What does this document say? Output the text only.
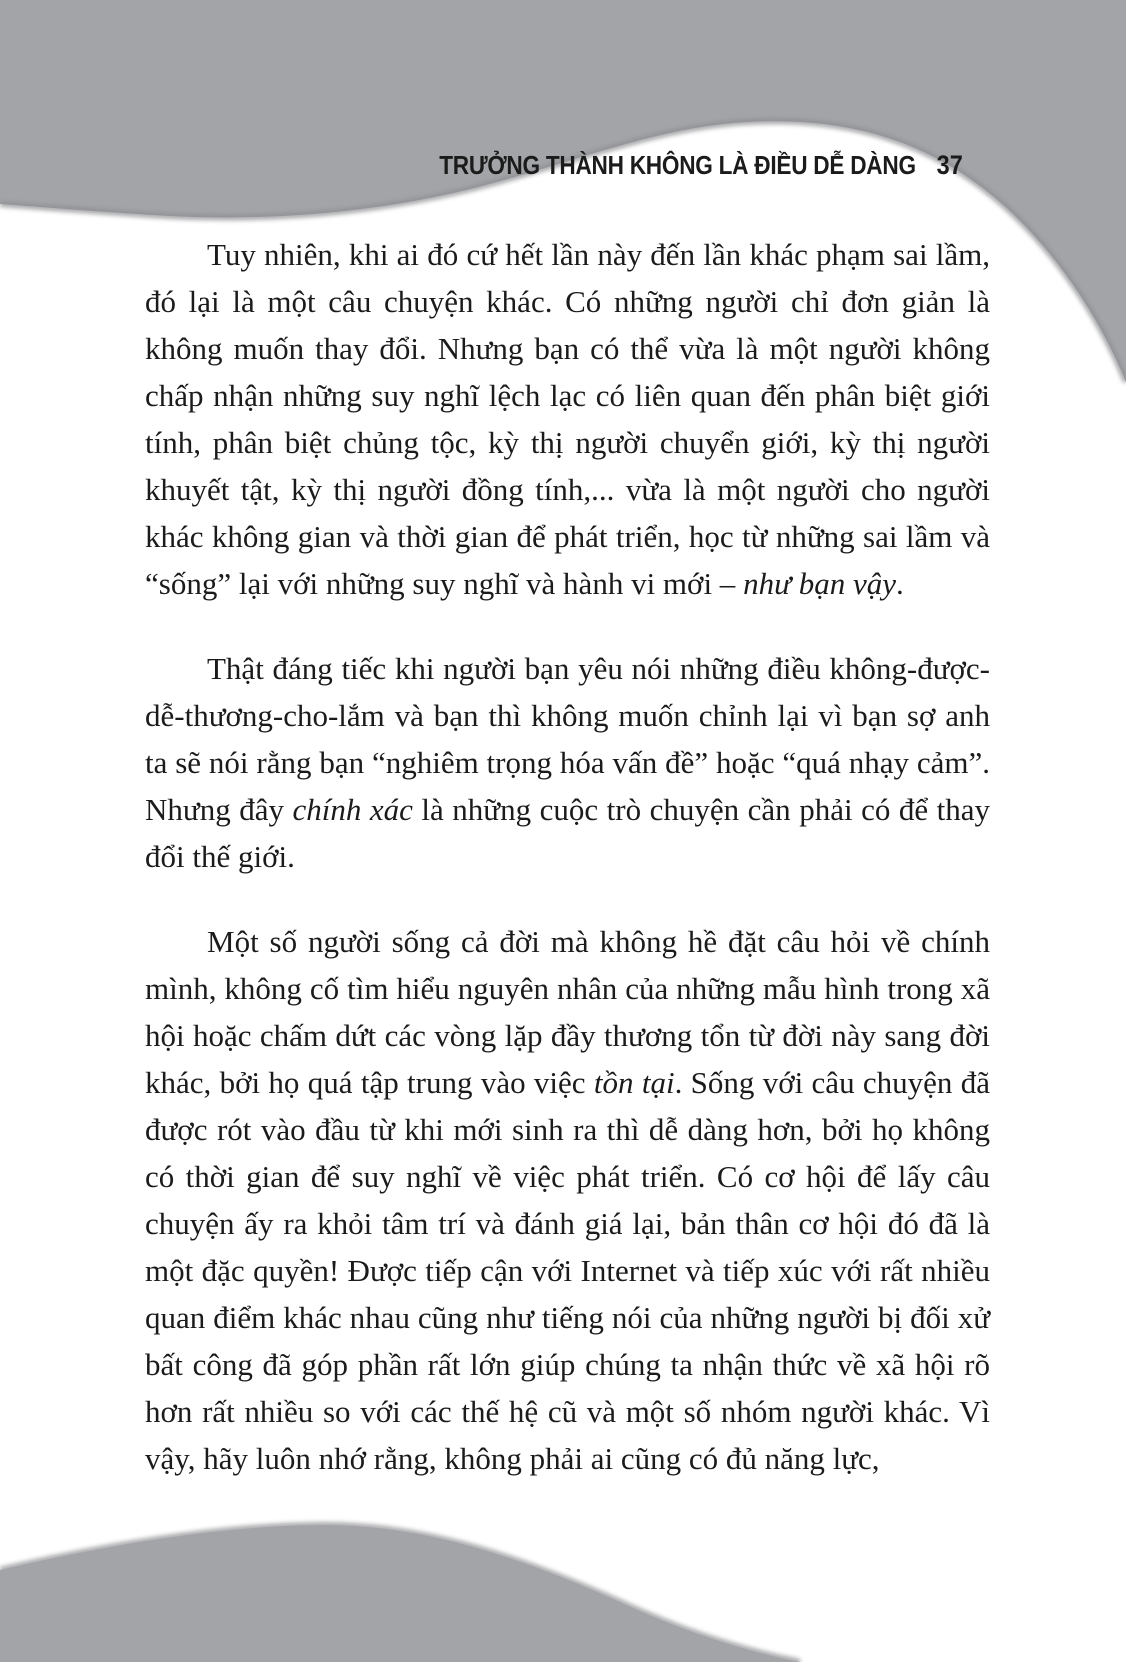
TRƯỞNG THÀNH KHÔNG LÀ ĐIỀU DỄ DÀNG 37

Tuy nhiên, khi ai đó cứ hết lần này đến lần khác phạm sai lầm, đó lại là một câu chuyện khác. Có những người chỉ đơn giản là không muốn thay đổi. Nhưng bạn có thể vừa là một người không chấp nhận những suy nghĩ lệch lạc có liên quan đến phân biệt giới tính, phân biệt chủng tộc, kỳ thị người chuyển giới, kỳ thị người khuyết tật, kỳ thị người đồng tính,... vừa là một người cho người khác không gian và thời gian để phát triển, học từ những sai lầm và “sống” lại với những suy nghĩ và hành vi mới – như bạn vậy.

Thật đáng tiếc khi người bạn yêu nói những điều không-được-dễ-thương-cho-lắm và bạn thì không muốn chỉnh lại vì bạn sợ anh ta sẽ nói rằng bạn “nghiêm trọng hóa vấn đề” hoặc “quá nhạy cảm”. Nhưng đây chính xác là những cuộc trò chuyện cần phải có để thay đổi thế giới.

Một số người sống cả đời mà không hề đặt câu hỏi về chính mình, không cố tìm hiểu nguyên nhân của những mẫu hình trong xã hội hoặc chấm dứt các vòng lặp đầy thương tổn từ đời này sang đời khác, bởi họ quá tập trung vào việc tồn tại. Sống với câu chuyện đã được rót vào đầu từ khi mới sinh ra thì dễ dàng hơn, bởi họ không có thời gian để suy nghĩ về việc phát triển. Có cơ hội để lấy câu chuyện ấy ra khỏi tâm trí và đánh giá lại, bản thân cơ hội đó đã là một đặc quyền! Được tiếp cận với Internet và tiếp xúc với rất nhiều quan điểm khác nhau cũng như tiếng nói của những người bị đối xử bất công đã góp phần rất lớn giúp chúng ta nhận thức về xã hội rõ hơn rất nhiều so với các thế hệ cũ và một số nhóm người khác. Vì vậy, hãy luôn nhớ rằng, không phải ai cũng có đủ năng lực,
